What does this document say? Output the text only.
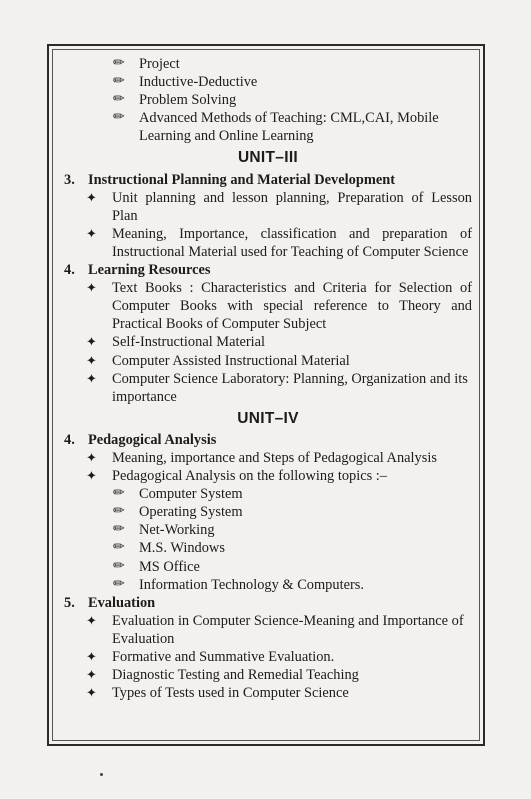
✏ Project
✏ Inductive-Deductive
✏ Problem Solving
✏ Advanced Methods of Teaching: CML,CAI, Mobile Learning and Online Learning
UNIT–III
3. Instructional Planning and Material Development
✦	Unit planning and lesson planning, Preparation of Lesson Plan
✦	Meaning, Importance, classification and preparation of Instructional Material used for Teaching of Computer Science
4. Learning Resources
✦	Text Books : Characteristics and Criteria for Selection of Computer Books with special reference to Theory and Practical Books of Computer Subject
✦	Self-Instructional Material
✦	Computer Assisted Instructional Material
✦	Computer Science Laboratory: Planning, Organization and its importance
UNIT–IV
4. Pedagogical Analysis
✦	Meaning, importance and Steps of Pedagogical Analysis
✦	Pedagogical Analysis on the following topics :–
✏ Computer System
✏ Operating System
✏ Net-Working
✏ M.S. Windows
✏ MS Office
✏ Information Technology & Computers.
5. Evaluation
✦	Evaluation in Computer Science-Meaning and Importance of Evaluation
✦	Formative and Summative Evaluation.
✦	Diagnostic Testing and Remedial Teaching
✦	Types of Tests used in Computer Science
